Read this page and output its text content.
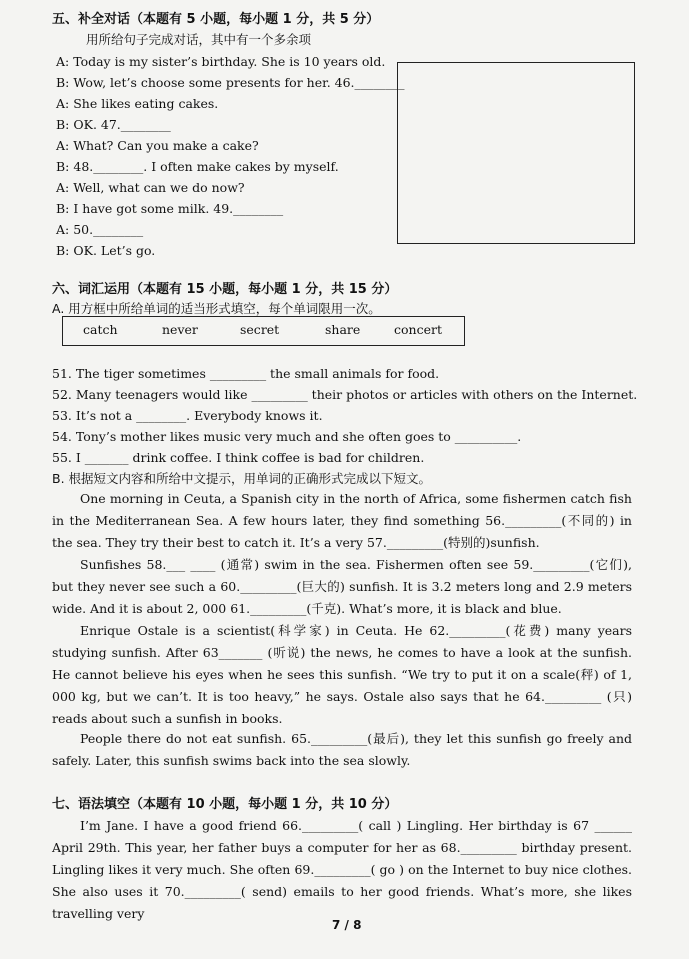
五、补全对话（本题有 5 小题，每小题 1 分，共 5 分）
用所给句子完成对话，其中有一个多余项
A: Today is my sister’s birthday. She is 10 years old.
B: Wow, let’s choose some presents for her. 46.________
A: She likes eating cakes.
B: OK. 47.________
A: What? Can you make a cake?
B: 48.________. I often make cakes by myself.
A: Well, what can we do now?
B: I have got some milk. 49.________
A: 50.________
B: OK. Let’s go.
六、词汇运用（本题有 15 小题，每小题 1 分，共 15 分）
A. 用方框中所给单词的适当形式填空，每个单词限用一次。
catch	never	secret	share	concert
51. The tiger sometimes _________ the small animals for food.
52. Many teenagers would like _________ their photos or articles with others on the Internet.
53. It’s not a ________. Everybody knows it.
54. Tony’s mother likes music very much and she often goes to __________.
55. I _______ drink coffee. I think coffee is bad for children.
B. 根据短文内容和所给中文提示，用单词的正确形式完成以下短文。
One morning in Ceuta, a Spanish city in the north of Africa, some fishermen catch fish in the Mediterranean Sea. A few hours later, they find something 56._________(不同的) in the sea. They try their best to catch it. It’s a very 57._________(特别的)sunfish.
Sunfishes 58.___ ____ (通常) swim in the sea. Fishermen often see 59._________(它们), but they never see such a 60._________(巨大的) sunfish. It is 3.2 meters long and 2.9 meters wide. And it is about 2, 000 61._________(千克). What’s more, it is black and blue.
Enrique Ostale is a scientist(科学家) in Ceuta. He 62._________(花费) many years studying sunfish. After 63_______ (听说) the news, he comes to have a look at the sunfish. He cannot believe his eyes when he sees this sunfish. “We try to put it on a scale(秤) of 1, 000 kg, but we can’t. It is too heavy,” he says. Ostale also says that he 64._________ (只) reads about such a sunfish in books.
People there do not eat sunfish. 65._________(最后), they let this sunfish go freely and safely. Later, this sunfish swims back into the sea slowly.
七、语法填空（本题有 10 小题，每小题 1 分，共 10 分）
I’m Jane. I have a good friend 66._________( call ) Lingling. Her birthday is 67 ______ April 29th. This year, her father buys a computer for her as 68._________ birthday present. Lingling likes it very much. She often 69._________( go ) on the Internet to buy nice clothes. She also uses it 70._________( send) emails to her good friends. What’s more, she likes travelling very
7 / 8
